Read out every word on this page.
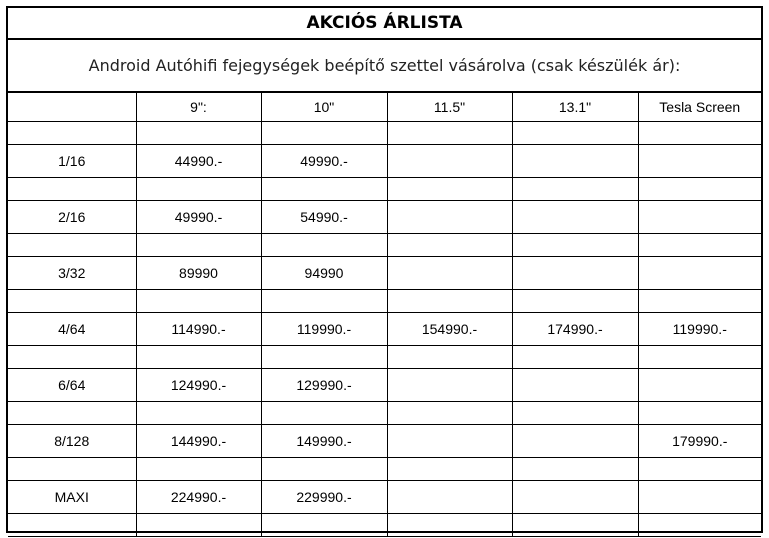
AKCIÓS ÁRLISTA
Android Autóhifi fejegységek beépítő szettel vásárolva (csak készülék ár):
	9":	10"	11.5"	13.1"	Tesla Screen

1/16	44990.-	49990.-			

2/16	49990.-	54990.-			

3/32	89990	94990			

4/64	114990.-	119990.-	154990.-	174990.-	119990.-

6/64	124990.-	129990.-			

8/128	144990.-	149990.-			179990.-

MAXI	224990.-	229990.-			
